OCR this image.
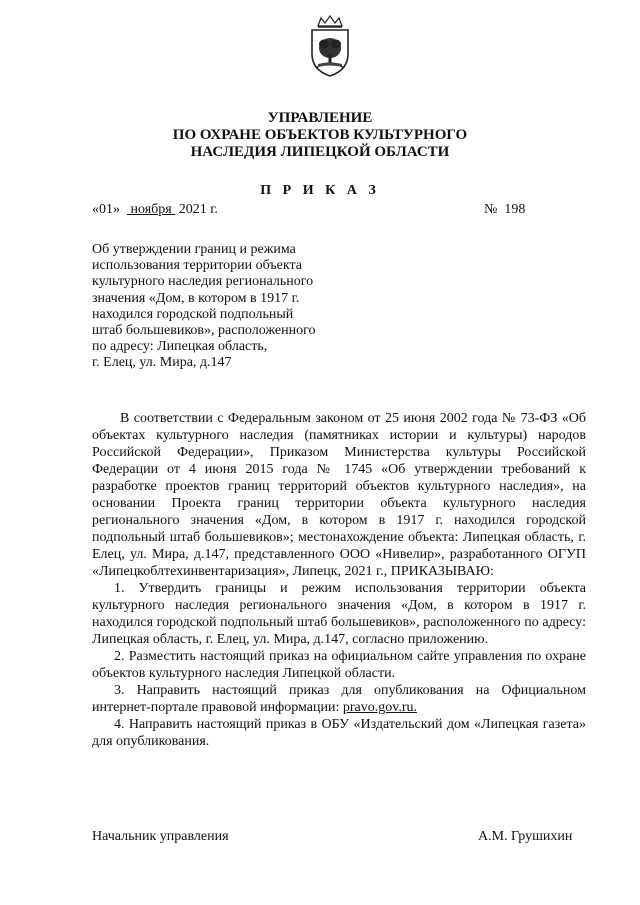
УПРАВЛЕНИЕ
ПО ОХРАНЕ ОБЪЕКТОВ КУЛЬТУРНОГО
НАСЛЕДИЯ ЛИПЕЦКОЙ ОБЛАСТИ
П Р И К А З
«01» ноября 2021 г.	№ 198
Об утверждении границ и режима
использования территории объекта
культурного наследия регионального
значения «Дом, в котором в 1917 г.
находился городской подпольный
штаб большевиков», расположенного
по адресу: Липецкая область,
г. Елец, ул. Мира, д.147

В соответствии с Федеральным законом от 25 июня 2002 года № 73-ФЗ «Об объектах культурного наследия (памятниках истории и культуры) народов Российской Федерации», Приказом Министерства культуры Российской Федерации от 4 июня 2015 года № 1745 «Об утверждении требований к разработке проектов границ территорий объектов культурного наследия», на основании Проекта границ территории объекта культурного наследия регионального значения «Дом, в котором в 1917 г. находился городской подпольный штаб большевиков»; местонахождение объекта: Липецкая область, г. Елец, ул. Мира, д.147, представленного ООО «Нивелир», разработанного ОГУП «Липецкоблтехинвентаризация», Липецк, 2021 г., ПРИКАЗЫВАЮ:

1. Утвердить границы и режим использования территории объекта культурного наследия регионального значения «Дом, в котором в 1917 г. находился городской подпольный штаб большевиков», расположенного по адресу: Липецкая область, г. Елец, ул. Мира, д.147, согласно приложению.

2. Разместить настоящий приказ на официальном сайте управления по охране объектов культурного наследия Липецкой области.

3. Направить настоящий приказ для опубликования на Официальном интернет-портале правовой информации: pravo.gov.ru.

4. Направить настоящий приказ в ОБУ «Издательский дом «Липецкая газета» для опубликования.

Начальник управления	А.М. Грушихин
